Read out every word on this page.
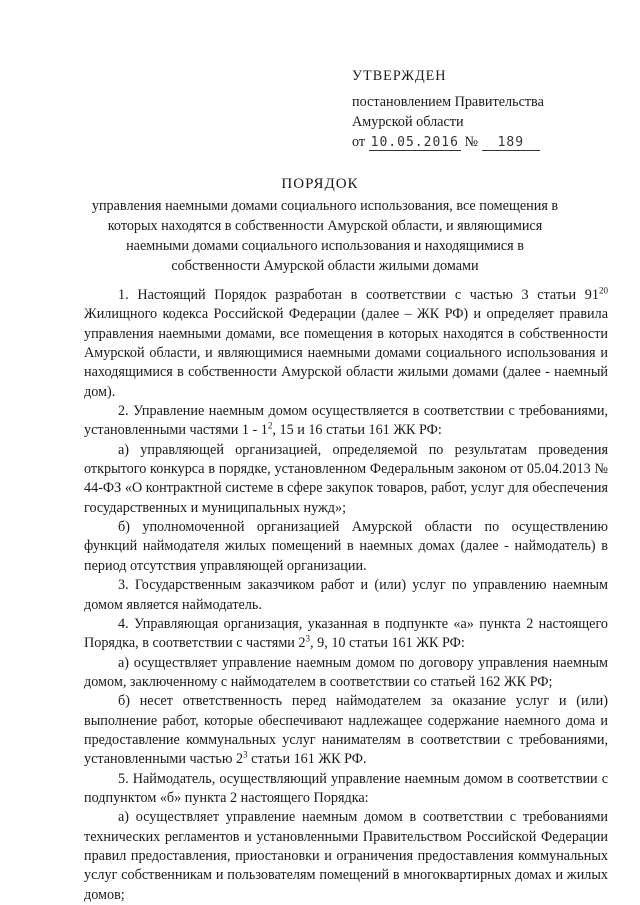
УТВЕРЖДЕН
постановлением Правительства
Амурской области
от 10.05.2016 № 189
ПОРЯДОК
управления наемными домами социального использования, все помещения в которых находятся в собственности Амурской области, и являющимися наемными домами социального использования и находящимися в собственности Амурской области жилыми домами

1. Настоящий Порядок разработан в соответствии с частью 3 статьи $91^{20}$ Жилищного кодекса Российской Федерации (далее – ЖК РФ) и определяет правила управления наемными домами, все помещения в которых находятся в собственности Амурской области, и являющимися наемными домами социального использования и находящимися в собственности Амурской области жилыми домами (далее - наемный дом).

2. Управление наемным домом осуществляется в соответствии с требованиями, установленными частями $1 - 1^2$, 15 и 16 статьи 161 ЖК РФ:

а) управляющей организацией, определяемой по результатам проведения открытого конкурса в порядке, установленном Федеральным законом от 05.04.2013 № 44-ФЗ «О контрактной системе в сфере закупок товаров, работ, услуг для обеспечения государственных и муниципальных нужд»;

б) уполномоченной организацией Амурской области по осуществлению функций наймодателя жилых помещений в наемных домах (далее - наймодатель) в период отсутствия управляющей организации.

3. Государственным заказчиком работ и (или) услуг по управлению наемным домом является наймодатель.

4. Управляющая организация, указанная в подпункте «а» пункта 2 настоящего Порядка, в соответствии с частями $2^3$, 9, 10 статьи 161 ЖК РФ:

а) осуществляет управление наемным домом по договору управления наемным домом, заключенному с наймодателем в соответствии со статьей 162 ЖК РФ;

б) несет ответственность перед наймодателем за оказание услуг и (или) выполнение работ, которые обеспечивают надлежащее содержание наемного дома и предоставление коммунальных услуг нанимателям в соответствии с требованиями, установленными частью $2^3$ статьи 161 ЖК РФ.

5. Наймодатель, осуществляющий управление наемным домом в соответствии с подпунктом «б» пункта 2 настоящего Порядка:

а) осуществляет управление наемным домом в соответствии с требованиями технических регламентов и установленными Правительством Российской Федерации правил предоставления, приостановки и ограничения предоставления коммунальных услуг собственникам и пользователям помещений в многоквартирных домах и жилых домов;
